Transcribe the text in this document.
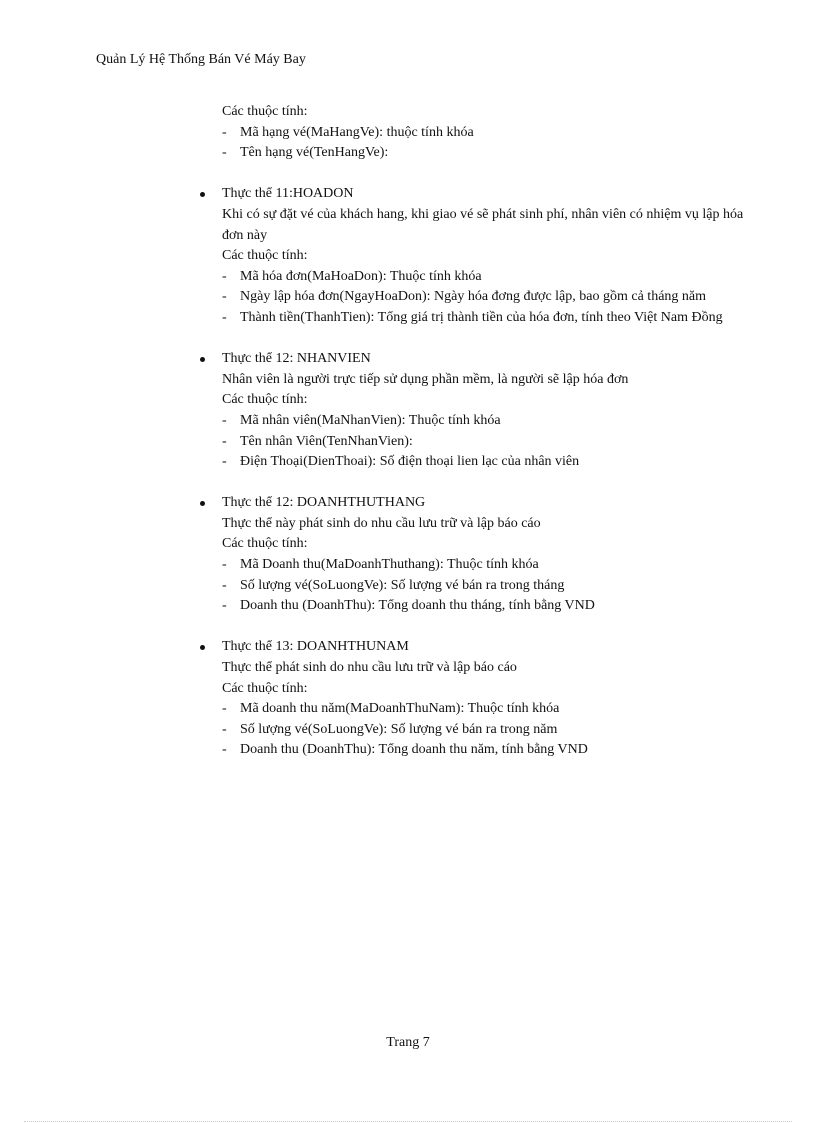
Quản Lý Hệ Thống Bán Vé Máy Bay
Các thuộc tính:
- Mã hạng vé(MaHangVe): thuộc tính khóa
- Tên hạng vé(TenHangVe):
Thực thể 11:HOADON
Khi có sự đặt vé của khách hang, khi giao vé sẽ phát sinh phí, nhân viên có nhiệm vụ lập hóa đơn này
Các thuộc tính:
- Mã hóa đơn(MaHoaDon): Thuộc tính khóa
- Ngày lập hóa đơn(NgayHoaDon): Ngày hóa đơng được lập, bao gồm cả tháng năm
- Thành tiền(ThanhTien): Tổng giá trị thành tiền của hóa đơn, tính theo Việt Nam Đồng
Thực thể 12: NHANVIEN
Nhân viên là người trực tiếp sử dụng phần mềm, là người sẽ lập hóa đơn
Các thuộc tính:
- Mã nhân viên(MaNhanVien): Thuộc tính khóa
- Tên nhân Viên(TenNhanVien):
- Điện Thoại(DienThoai): Số điện thoại lien lạc của nhân viên
Thực thể 12: DOANHTHUTHANG
Thực thể này phát sinh do nhu cầu lưu trữ và lập báo cáo
Các thuộc tính:
- Mã Doanh thu(MaDoanhThuthang): Thuộc tính khóa
- Số lượng vé(SoLuongVe): Số lượng vé bán ra trong tháng
- Doanh thu (DoanhThu): Tổng doanh thu tháng, tính bằng VND
Thực thể 13: DOANHTHUNAM
Thực thể phát sinh do nhu cầu lưu trữ và lập báo cáo
Các thuộc tính:
- Mã doanh thu năm(MaDoanhThuNam): Thuộc tính khóa
- Số lượng vé(SoLuongVe): Số lượng vé bán ra trong năm
- Doanh thu (DoanhThu): Tổng doanh thu năm, tính bằng VND
Trang 7
